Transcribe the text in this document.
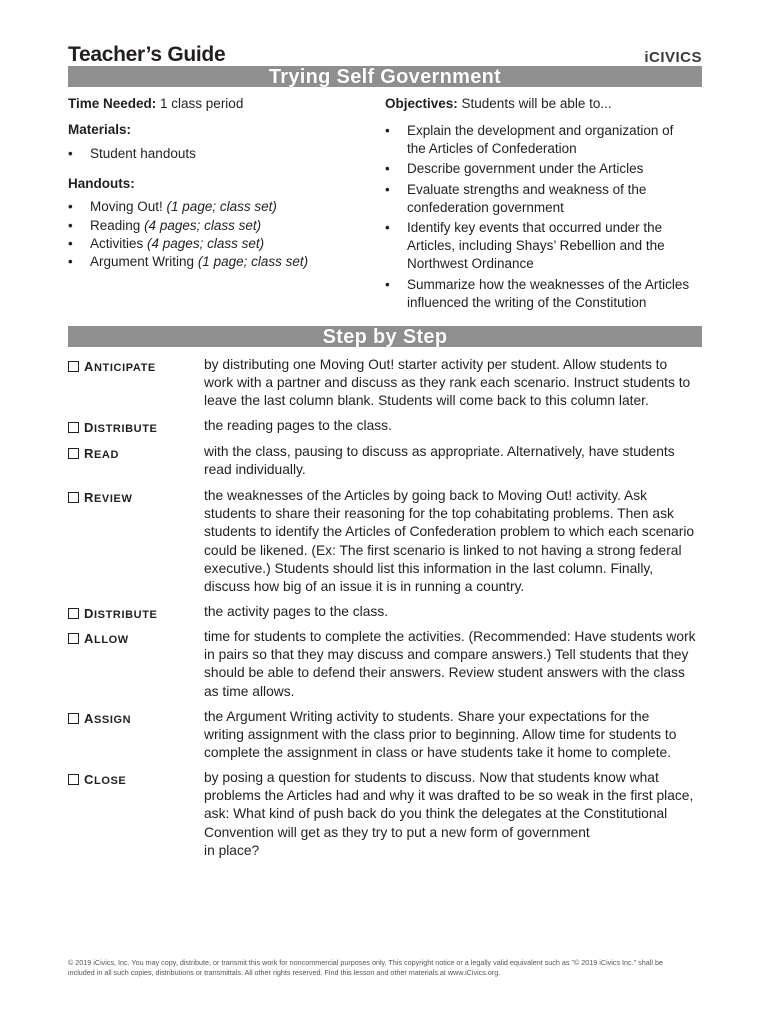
Teacher’s Guide	iCIVICS
Trying Self Government
Time Needed: 1 class period
Materials:
• Student handouts
Handouts:
• Moving Out! (1 page; class set)
• Reading (4 pages; class set)
• Activities (4 pages; class set)
• Argument Writing (1 page; class set)
Objectives: Students will be able to...
• Explain the development and organization of
the Articles of Confederation
• Describe government under the Articles
• Evaluate strengths and weakness of the
confederation government
• Identify key events that occurred under the
Articles, including Shays’ Rebellion and the
Northwest Ordinance
• Summarize how the weaknesses of the Articles
influenced the writing of the Constitution
Step by Step
ANTICIPATE	by distributing one Moving Out! starter activity per student. Allow students to
work with a partner and discuss as they rank each scenario. Instruct students to
leave the last column blank. Students will come back to this column later.
DISTRIBUTE	the reading pages to the class.
READ	with the class, pausing to discuss as appropriate. Alternatively, have students
read individually.
REVIEW	the weaknesses of the Articles by going back to Moving Out! activity. Ask
students to share their reasoning for the top cohabitating problems. Then ask
students to identify the Articles of Confederation problem to which each scenario
could be likened. (Ex: The first scenario is linked to not having a strong federal
executive.) Students should list this information in the last column. Finally,
discuss how big of an issue it is in running a country.
DISTRIBUTE	the activity pages to the class.
ALLOW	time for students to complete the activities. (Recommended: Have students work
in pairs so that they may discuss and compare answers.) Tell students that they
should be able to defend their answers. Review student answers with the class
as time allows.
ASSIGN	the Argument Writing activity to students. Share your expectations for the
writing assignment with the class prior to beginning. Allow time for students to
complete the assignment in class or have students take it home to complete.
CLOSE	by posing a question for students to discuss. Now that students know what
problems the Articles had and why it was drafted to be so weak in the first place,
ask: What kind of push back do you think the delegates at the Constitutional
Convention will get as they try to put a new form of government
in place?
© 2019 iCivics, Inc. You may copy, distribute, or transmit this work for noncommercial purposes only. This copyright notice or a legally valid equivalent such as "© 2019 iCivics Inc." shall be
included in all such copies, distributions or transmittals. All other rights reserved. Find this lesson and other materials at www.iCivics.org.
